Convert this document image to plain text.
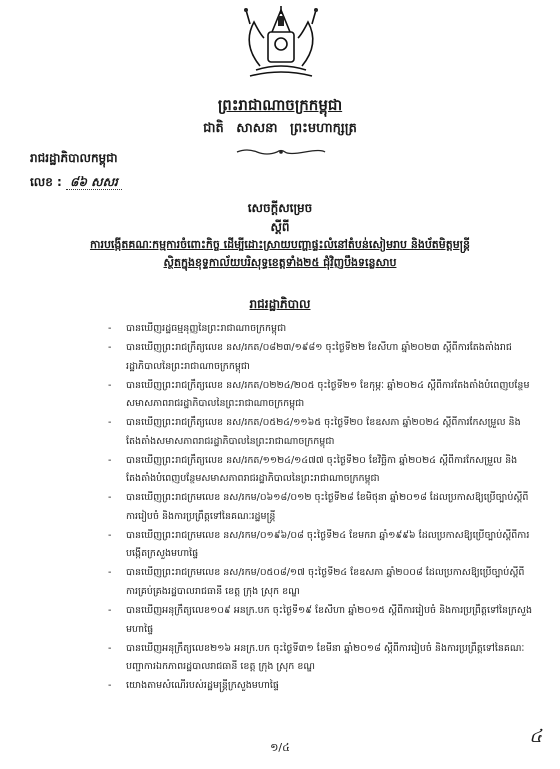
ព្រះរាជាណាចក្រកម្ពុជា
ជាតិ សាសនា ព្រះមហាក្សត្រ
រាជរដ្ឋាភិបាលកម្ពុជា
លេខ : ៨៦ សសរ
សេចក្ដីសម្រេច
ស្ដីពី
ការបង្កើតគណៈកម្មការចំពោះកិច្ច ដើម្បីដោះស្រាយបញ្ហាផ្ទះលំនៅតំបន់សៀមរាប និងប័តមិត្តមន្ត្រី
ស្ថិតក្នុងខុទ្ទកាល័យបរិសុទ្ធខេត្តទាំង២៥ ជុំវិញបឹងទន្លេសាប
រាជរដ្ឋាភិបាល
- បានឃើញរដ្ឋធម្មនុញ្ញនៃព្រះរាជាណាចក្រកម្ពុជា
- បានឃើញព្រះរាជក្រឹត្យលេខ នស/រកត/០៨២៣/១៩៨១ ចុះថ្ងៃទី២២ ខែសីហា ឆ្នាំ២០២៣ ស្តីពីការតែងតាំងរាជរដ្ឋាភិបាលនៃព្រះរាជាណាចក្រកម្ពុជា
- បានឃើញព្រះរាជក្រឹត្យលេខ នស/រកត/០២២៤/២០៥ ចុះថ្ងៃទី២១ ខែកុម្ភៈ ឆ្នាំ២០២៤ ស្តីពីការតែងតាំងបំពេញបន្ថែមសមាសភាពរាជរដ្ឋាភិបាលនៃព្រះរាជាណាចក្រកម្ពុជា
- បានឃើញព្រះរាជក្រឹត្យលេខ នស/រកត/០៥២៤/១១៦៥ ចុះថ្ងៃទី២០ ខែឧសភា ឆ្នាំ២០២៤ ស្តីពីការកែសម្រួល និងតែងតាំងសមាសភាពរាជរដ្ឋាភិបាលនៃព្រះរាជាណាចក្រកម្ពុជា
- បានឃើញព្រះរាជក្រឹត្យលេខ នស/រកត/១១២៤/១៤៧៧ ចុះថ្ងៃទី២០ ខែវិច្ឆិកា ឆ្នាំ២០២៤ ស្តីពីការកែសម្រួល និងតែងតាំងបំពេញបន្ថែមសមាសភាពរាជរដ្ឋាភិបាលនៃព្រះរាជាណាចក្រកម្ពុជា
- បានឃើញព្រះរាជក្រមលេខ នស/រកម/០៦១៨/០១២ ចុះថ្ងៃទី២៨ ខែមិថុនា ឆ្នាំ២០១៨ ដែលប្រកាសឱ្យប្រើច្បាប់ស្តីពីការរៀបចំ និងការប្រព្រឹត្តទៅនៃគណៈរដ្ឋមន្ត្រី
- បានឃើញព្រះរាជក្រមលេខ នស/រកម/០១៩៦/០៨ ចុះថ្ងៃទី២៤ ខែមករា ឆ្នាំ១៩៩៦ ដែលប្រកាសឱ្យប្រើច្បាប់ស្តីពីការបង្កើតក្រសួងមហាផ្ទៃ
- បានឃើញព្រះរាជក្រមលេខ នស/រកម/០៥០៨/១៧ ចុះថ្ងៃទី២៤ ខែឧសភា ឆ្នាំ២០០៨ ដែលប្រកាសឱ្យប្រើច្បាប់ស្តីពីការគ្រប់គ្រងរដ្ឋបាលរាជធានី ខេត្ត ក្រុង ស្រុក ខណ្ឌ
- បានឃើញអនុក្រឹត្យលេខ១០៩ អនក្រ.បក ចុះថ្ងៃទី១៩ ខែសីហា ឆ្នាំ២០១៥ ស្តីពីការរៀបចំ និងការប្រព្រឹត្តទៅនៃក្រសួងមហាផ្ទៃ
- បានឃើញអនុក្រឹត្យលេខ២១៦ អនក្រ.បក ចុះថ្ងៃទី៣១ ខែមីនា ឆ្នាំ២០១៨ ស្តីពីការរៀបចំ និងការប្រព្រឹត្តទៅនៃគណៈបញ្ជាការឯកភាពរដ្ឋបាលរាជធានី ខេត្ត ក្រុង ស្រុក ខណ្ឌ
- យោងតាមសំណើរបស់រដ្ឋមន្ត្រីក្រសួងមហាផ្ទៃ
១/៤
៤
